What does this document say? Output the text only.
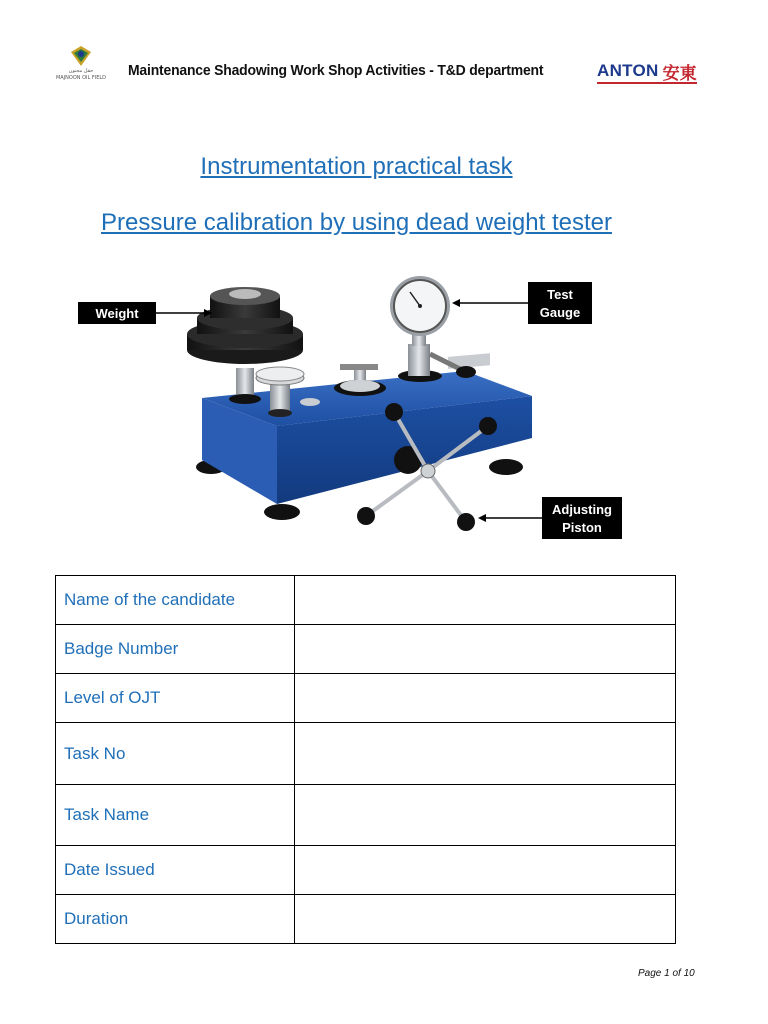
حقل مجنون
MAJNOON OIL FIELD Maintenance Shadowing Work Shop Activities - T&D department	ANTON 安東
Instrumentation practical task
Pressure calibration by using dead weight tester
Weight
Test
Gauge
Adjusting
Piston
Name of the candidate	
Badge Number	
Level of OJT	
Task No	
Task Name	
Date Issued	
Duration	
Page 1 of 10
